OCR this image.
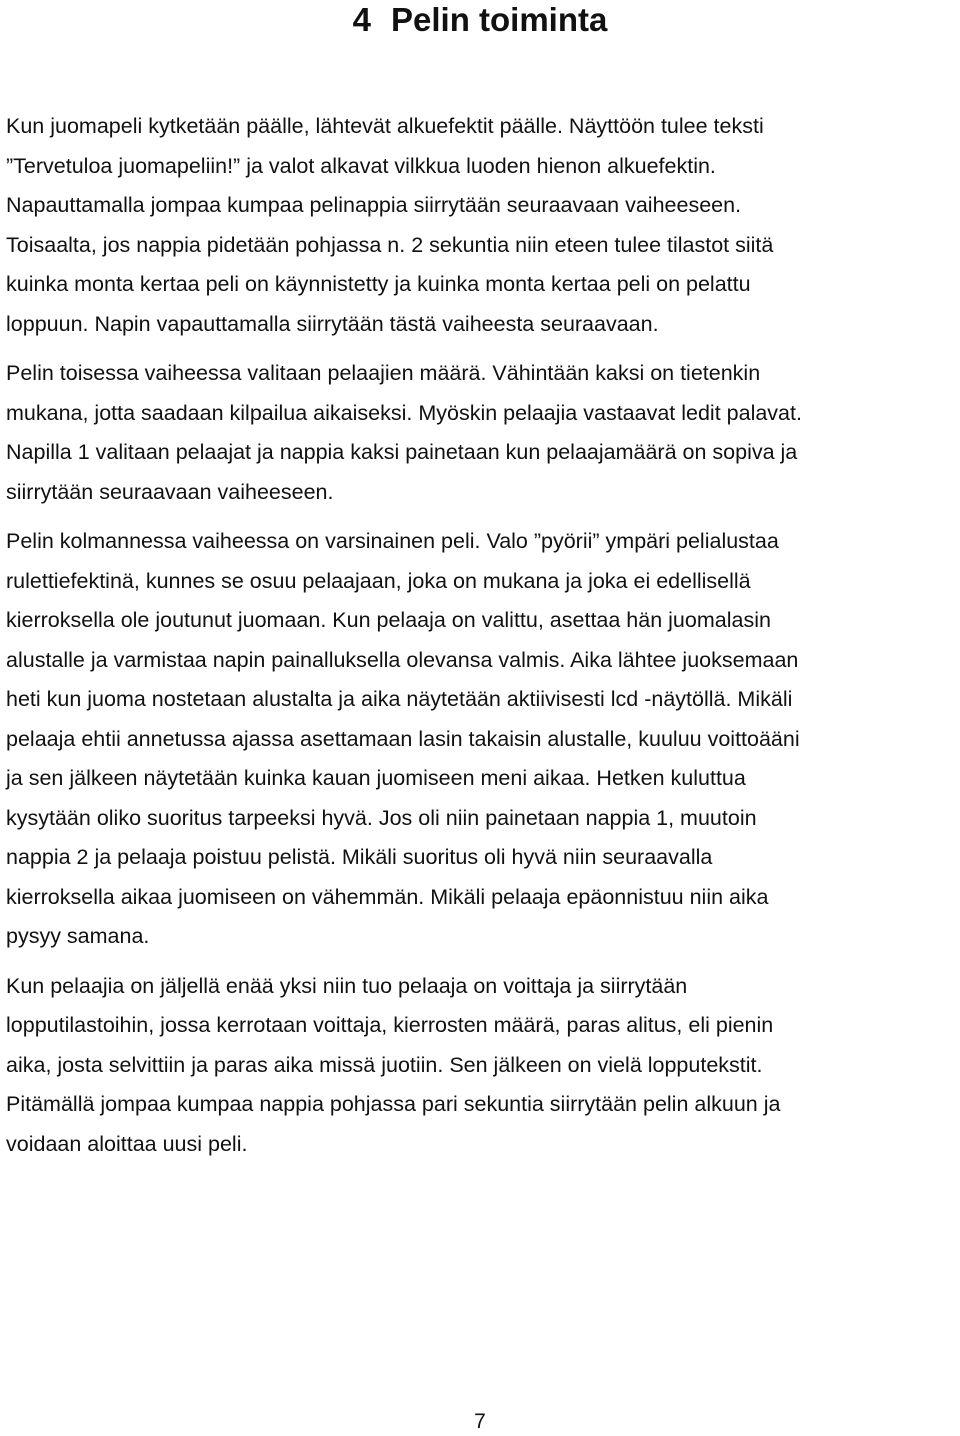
4 Pelin toiminta
Kun juomapeli kytketään päälle, lähtevät alkuefektit päälle. Näyttöön tulee teksti
”Tervetuloa juomapeliin!” ja valot alkavat vilkkua luoden hienon alkuefektin.
Napauttamalla jompaa kumpaa pelinappia siirrytään seuraavaan vaiheeseen.
Toisaalta, jos nappia pidetään pohjassa n. 2 sekuntia niin eteen tulee tilastot siitä
kuinka monta kertaa peli on käynnistetty ja kuinka monta kertaa peli on pelattu
loppuun. Napin vapauttamalla siirrytään tästä vaiheesta seuraavaan.
Pelin toisessa vaiheessa valitaan pelaajien määrä. Vähintään kaksi on tietenkin
mukana, jotta saadaan kilpailua aikaiseksi. Myöskin pelaajia vastaavat ledit palavat.
Napilla 1 valitaan pelaajat ja nappia kaksi painetaan kun pelaajamäärä on sopiva ja
siirrytään seuraavaan vaiheeseen.
Pelin kolmannessa vaiheessa on varsinainen peli. Valo ”pyörii” ympäri pelialustaa
rulettiefektinä, kunnes se osuu pelaajaan, joka on mukana ja joka ei edellisellä
kierroksella ole joutunut juomaan. Kun pelaaja on valittu, asettaa hän juomalasin
alustalle ja varmistaa napin painalluksella olevansa valmis. Aika lähtee juoksemaan
heti kun juoma nostetaan alustalta ja aika näytetään aktiivisesti lcd -näytöllä. Mikäli
pelaaja ehtii annetussa ajassa asettamaan lasin takaisin alustalle, kuuluu voittoääni
ja sen jälkeen näytetään kuinka kauan juomiseen meni aikaa. Hetken kuluttua
kysytään oliko suoritus tarpeeksi hyvä. Jos oli niin painetaan nappia 1, muutoin
nappia 2 ja pelaaja poistuu pelistä. Mikäli suoritus oli hyvä niin seuraavalla
kierroksella aikaa juomiseen on vähemmän. Mikäli pelaaja epäonnistuu niin aika
pysyy samana.
Kun pelaajia on jäljellä enää yksi niin tuo pelaaja on voittaja ja siirrytään
lopputilastoihin, jossa kerrotaan voittaja, kierrosten määrä, paras alitus, eli pienin
aika, josta selvittiin ja paras aika missä juotiin. Sen jälkeen on vielä lopputekstit.
Pitämällä jompaa kumpaa nappia pohjassa pari sekuntia siirrytään pelin alkuun ja
voidaan aloittaa uusi peli.
7
